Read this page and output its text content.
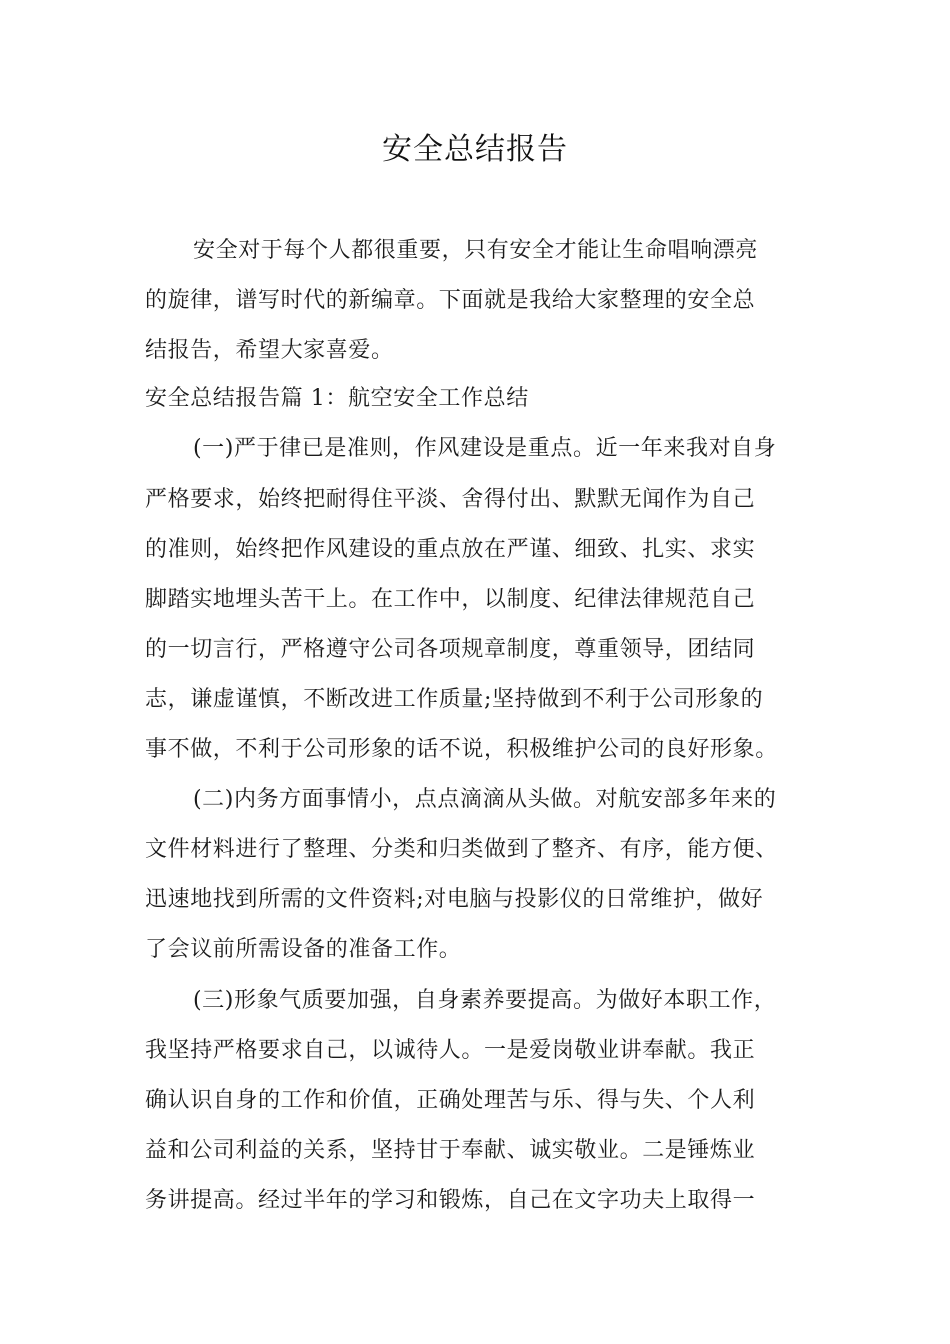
安全总结报告
安全对于每个人都很重要，只有安全才能让生命唱响漂亮
的旋律，谱写时代的新编章。下面就是我给大家整理的安全总
结报告，希望大家喜爱。
安全总结报告篇 1：航空安全工作总结
(一)严于律已是准则，作风建设是重点。近一年来我对自身
严格要求，始终把耐得住平淡、舍得付出、默默无闻作为自己
的准则，始终把作风建设的重点放在严谨、细致、扎实、求实
脚踏实地埋头苦干上。在工作中，以制度、纪律法律规范自己
的一切言行，严格遵守公司各项规章制度，尊重领导，团结同
志，谦虚谨慎，不断改进工作质量;坚持做到不利于公司形象的
事不做，不利于公司形象的话不说，积极维护公司的良好形象。
(二)内务方面事情小，点点滴滴从头做。对航安部多年来的
文件材料进行了整理、分类和归类做到了整齐、有序，能方便、
迅速地找到所需的文件资料;对电脑与投影仪的日常维护，做好
了会议前所需设备的准备工作。
(三)形象气质要加强，自身素养要提高。为做好本职工作，
我坚持严格要求自己，以诚待人。一是爱岗敬业讲奉献。我正
确认识自身的工作和价值，正确处理苦与乐、得与失、个人利
益和公司利益的关系，坚持甘于奉献、诚实敬业。二是锤炼业
务讲提高。经过半年的学习和锻炼，自己在文字功夫上取得一
